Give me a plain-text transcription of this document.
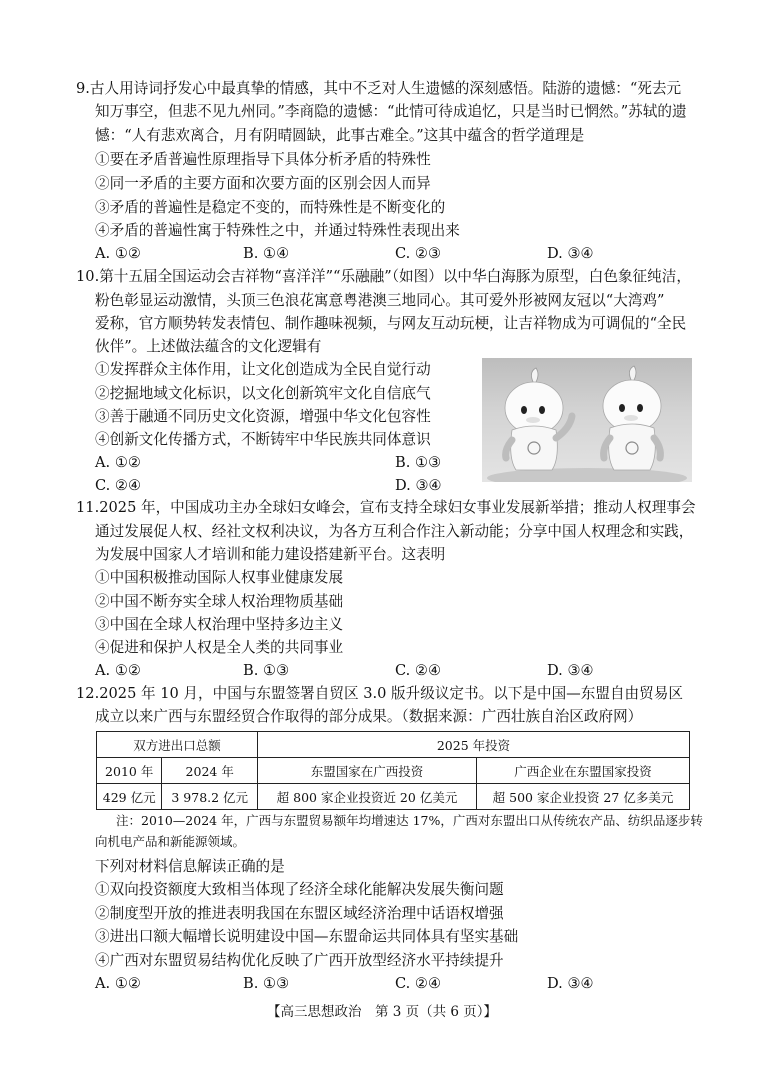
9.古人用诗词抒发心中最真挚的情感，其中不乏对人生遗憾的深刻感悟。陆游的遗憾：“死去元
知万事空，但悲不见九州同。”李商隐的遗憾：“此情可待成追忆，只是当时已惘然。”苏轼的遗
憾：“人有悲欢离合，月有阴晴圆缺，此事古难全。”这其中蕴含的哲学道理是
①要在矛盾普遍性原理指导下具体分析矛盾的特殊性
②同一矛盾的主要方面和次要方面的区别会因人而异
③矛盾的普遍性是稳定不变的，而特殊性是不断变化的
④矛盾的普遍性寓于特殊性之中，并通过特殊性表现出来
A. ①②	B. ①④	C. ②③	D. ③④
10.第十五届全国运动会吉祥物“喜洋洋”“乐融融”（如图）以中华白海豚为原型，白色象征纯洁，
粉色彰显运动激情，头顶三色浪花寓意粤港澳三地同心。其可爱外形被网友冠以“大湾鸡”
爱称，官方顺势转发表情包、制作趣味视频，与网友互动玩梗，让吉祥物成为可调侃的“全民
伙伴”。上述做法蕴含的文化逻辑有
①发挥群众主体作用，让文化创造成为全民自觉行动
②挖掘地域文化标识，以文化创新筑牢文化自信底气
③善于融通不同历史文化资源，增强中华文化包容性
④创新文化传播方式，不断铸牢中华民族共同体意识
A. ①②	B. ①③
C. ②④	D. ③④
11.2025 年，中国成功主办全球妇女峰会，宣布支持全球妇女事业发展新举措；推动人权理事会
通过发展促人权、经社文权利决议，为各方互利合作注入新动能；分享中国人权理念和实践，
为发展中国家人才培训和能力建设搭建新平台。这表明
①中国积极推动国际人权事业健康发展
②中国不断夯实全球人权治理物质基础
③中国在全球人权治理中坚持多边主义
④促进和保护人权是全人类的共同事业
A. ①②	B. ①③	C. ②④	D. ③④
12.2025 年 10 月，中国与东盟签署自贸区 3.0 版升级议定书。以下是中国—东盟自由贸易区
成立以来广西与东盟经贸合作取得的部分成果。（数据来源：广西壮族自治区政府网）
双方进出口总额		2025 年投资	
2010 年	2024 年	东盟国家在广西投资	广西企业在东盟国家投资
429 亿元	3 978.2 亿元	超 800 家企业投资近 20 亿美元	超 500 家企业投资 27 亿多美元
注：2010—2024 年，广西与东盟贸易额年均增速达 17%，广西对东盟出口从传统农产品、纺织品逐步转
向机电产品和新能源领域。
下列对材料信息解读正确的是
①双向投资额度大致相当体现了经济全球化能解决发展失衡问题
②制度型开放的推进表明我国在东盟区域经济治理中话语权增强
③进出口额大幅增长说明建设中国—东盟命运共同体具有坚实基础
④广西对东盟贸易结构优化反映了广西开放型经济水平持续提升
A. ①②	B. ①③	C. ②④	D. ③④
【高三思想政治　第 3 页（共 6 页）】
